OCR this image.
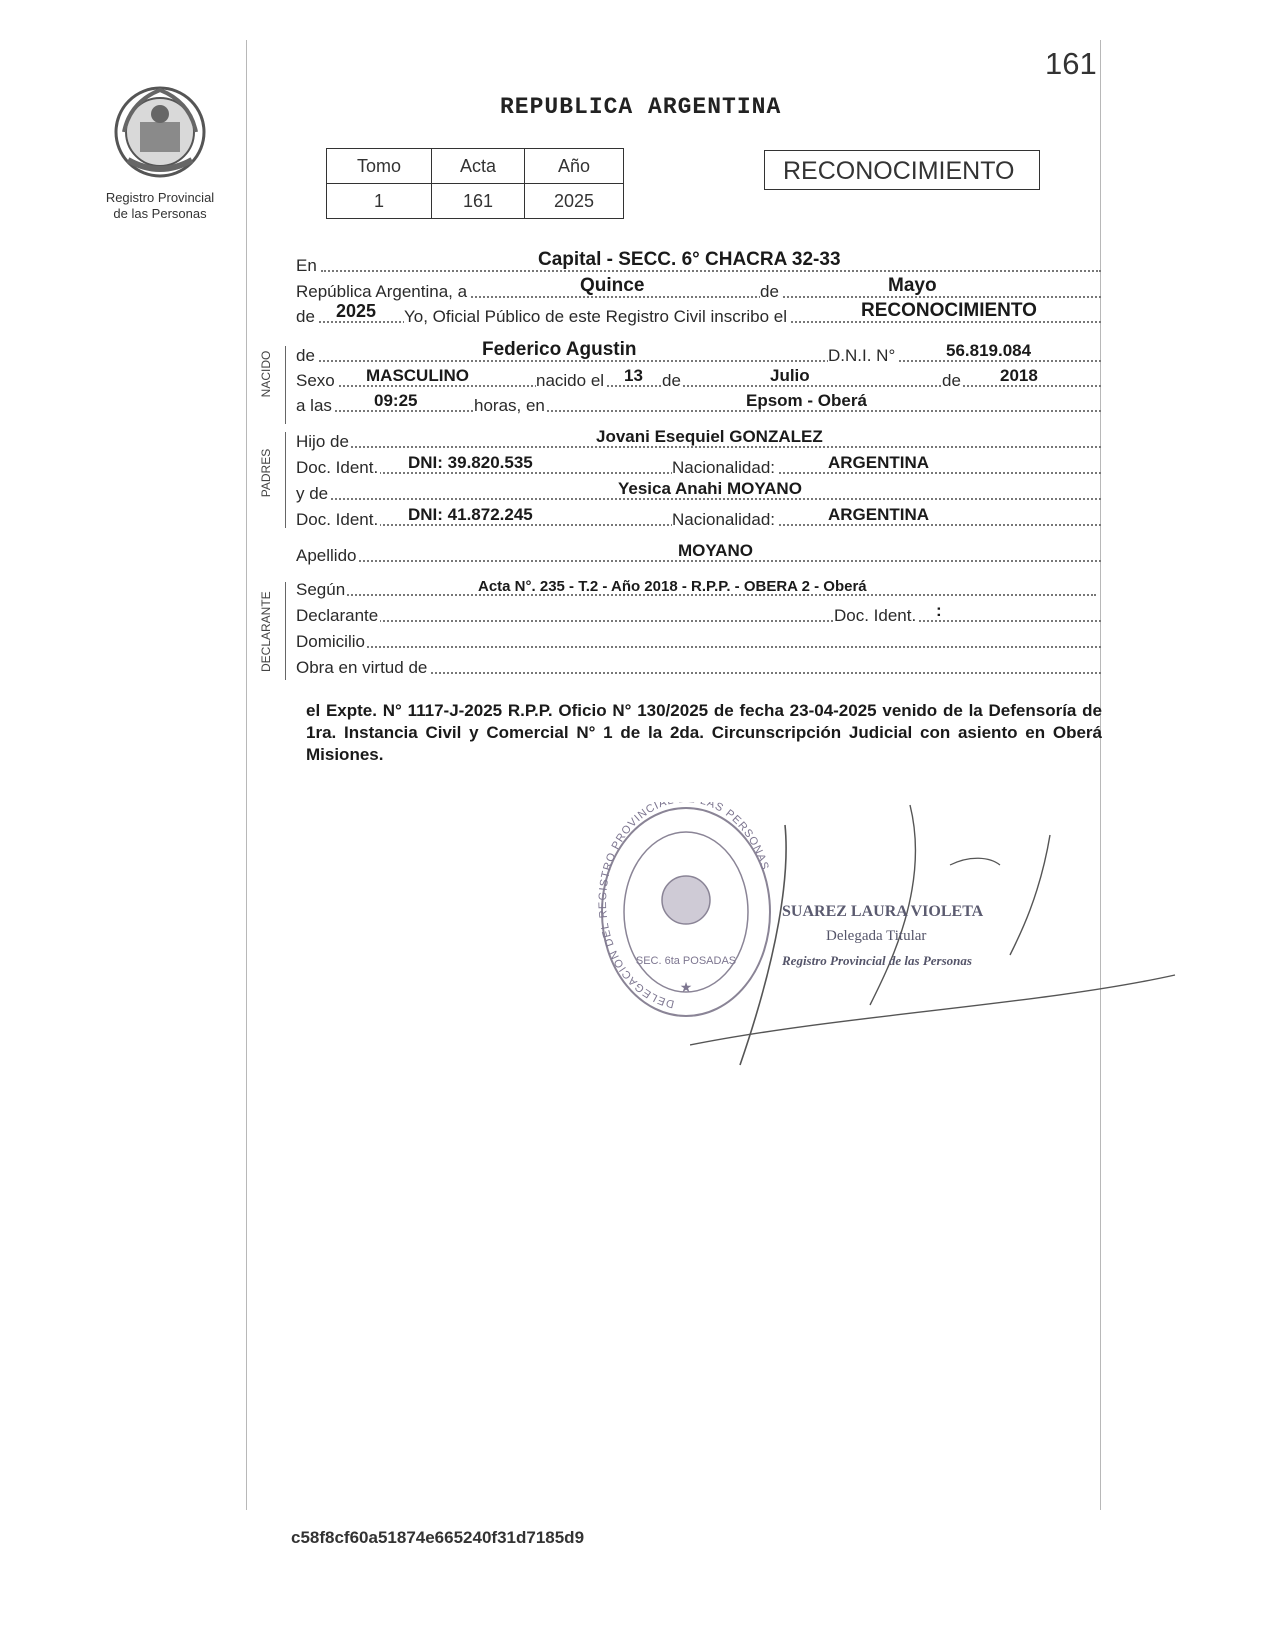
161
Registro Provincial
de las Personas
REPUBLICA ARGENTINA
Tomo	Acta	Año
1	161	2025
RECONOCIMIENTO
NACIDO
PADRES
DECLARANTE
En	Capital - SECC. 6° CHACRA 32-33
República Argentina, a	Quince	de	Mayo
de 2025 Yo, Oficial Público de este Registro Civil inscribo el	RECONOCIMIENTO
de	Federico Agustin	D.N.I. N°	56.819.084
Sexo MASCULINO	nacido el 13 de	Julio	de 2018
a las 09:25	horas, en	Epsom - Oberá
Hijo de	Jovani Esequiel GONZALEZ
Doc. Ident. DNI: 39.820.535	Nacionalidad:	ARGENTINA
y de	Yesica Anahi MOYANO
Doc. Ident. DNI: 41.872.245	Nacionalidad:	ARGENTINA
Apellido	MOYANO
Según	Acta N°. 235 - T.2 - Año 2018 - R.P.P. - OBERA 2 - Oberá
Declarante	Doc. Ident. :
Domicilio
Obra en virtud de
el Expte. N° 1117-J-2025 R.P.P. Oficio N° 130/2025 de fecha 23-04-2025 venido de la Defensoría de 1ra. Instancia Civil y Comercial N° 1 de la 2da. Circunscripción Judicial con asiento en Oberá Misiones.
DELEGACION DEL REGISTRO PROVINCIA AS PERSONAS
SEC. 6ta POSADAS
★
SUAREZ LAURA VIOLETA
Delegada Titular
Registro Provincial de las Personas
c58f8cf60a51874e665240f31d7185d9
